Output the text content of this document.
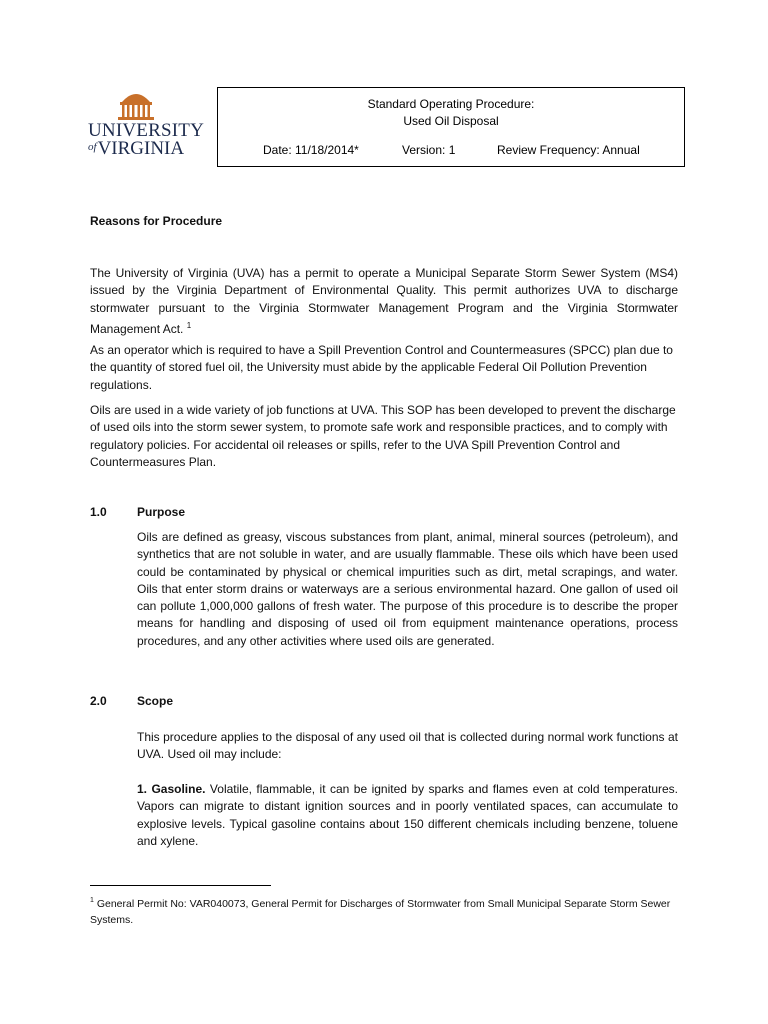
UNIVERSITY
$^{of}$VIRGINIA
Standard Operating Procedure:
Used Oil Disposal
Date: 11/18/2014*	Version: 1	Review Frequency: Annual
Reasons for Procedure
The University of Virginia (UVA) has a permit to operate a Municipal Separate Storm Sewer System (MS4) issued by the Virginia Department of Environmental Quality. This permit authorizes UVA to discharge stormwater pursuant to the Virginia Stormwater Management Program and the Virginia Stormwater Management Act. $^1$
As an operator which is required to have a Spill Prevention Control and Countermeasures (SPCC) plan due to the quantity of stored fuel oil, the University must abide by the applicable Federal Oil Pollution Prevention regulations.
Oils are used in a wide variety of job functions at UVA. This SOP has been developed to prevent the discharge of used oils into the storm sewer system, to promote safe work and responsible practices, and to comply with regulatory policies. For accidental oil releases or spills, refer to the UVA Spill Prevention Control and Countermeasures Plan.
1.0	Purpose
Oils are defined as greasy, viscous substances from plant, animal, mineral sources (petroleum), and synthetics that are not soluble in water, and are usually flammable. These oils which have been used could be contaminated by physical or chemical impurities such as dirt, metal scrapings, and water. Oils that enter storm drains or waterways are a serious environmental hazard. One gallon of used oil can pollute 1,000,000 gallons of fresh water. The purpose of this procedure is to describe the proper means for handling and disposing of used oil from equipment maintenance operations, process procedures, and any other activities where used oils are generated.
2.0	Scope
This procedure applies to the disposal of any used oil that is collected during normal work functions at UVA. Used oil may include:
1. Gasoline. Volatile, flammable, it can be ignited by sparks and flames even at cold temperatures. Vapors can migrate to distant ignition sources and in poorly ventilated spaces, can accumulate to explosive levels. Typical gasoline contains about 150 different chemicals including benzene, toluene and xylene.
$^1$ General Permit No: VAR040073, General Permit for Discharges of Stormwater from Small Municipal Separate Storm Sewer Systems.
